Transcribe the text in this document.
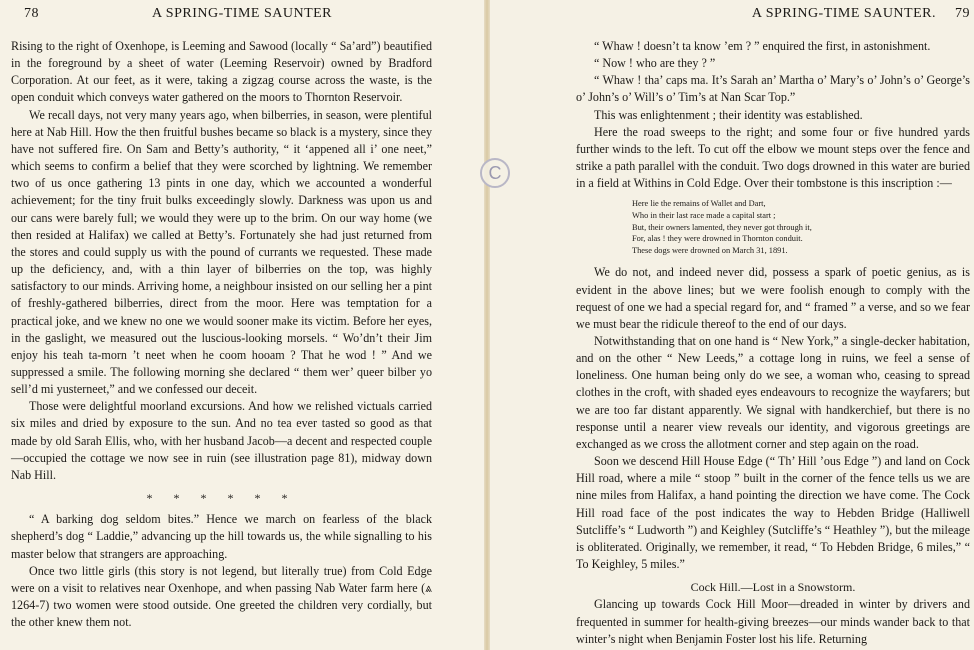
78	A SPRING-TIME SAUNTER

Rising to the right of Oxenhope, is Leeming and Sawood (locally “ Sa’ard”) beautified in the foreground by a sheet of water (Leeming Reservoir) owned by Bradford Corporation. At our feet, as it were, taking a zigzag course across the waste, is the open conduit which conveys water gathered on the moors to Thornton Reservoir.

We recall days, not very many years ago, when bilberries, in season, were plentiful here at Nab Hill. How the then fruitful bushes became so black is a mystery, since they have not suffered fire. On Sam and Betty’s authority, “ it ‘appened all i’ one neet,” which seems to confirm a belief that they were scorched by lightning. We remember two of us once gathering 13 pints in one day, which we accounted a wonderful achievement; for the tiny fruit bulks exceedingly slowly. Darkness was upon us and our cans were barely full; we would they were up to the brim. On our way home (we then resided at Halifax) we called at Betty’s. Fortunately she had just returned from the stores and could supply us with the pound of currants we requested. These made up the deficiency, and, with a thin layer of bilberries on the top, was highly satisfactory to our minds. Arriving home, a neighbour insisted on our selling her a pint of freshly-gathered bilberries, direct from the moor. Here was temptation for a practical joke, and we knew no one we would sooner make its victim. Before her eyes, in the gaslight, we measured out the luscious-looking morsels. “ Wo’dn’t their Jim enjoy his teah ta-morn ’t neet when he coom hooam ? That he wod ! ” And we suppressed a smile. The following morning she declared “ them wer’ queer bilber yo sell’d mi yusterneet,” and we confessed our deceit.

Those were delightful moorland excursions. And how we relished victuals carried six miles and dried by exposure to the sun. And no tea ever tasted so good as that made by old Sarah Ellis, who, with her husband Jacob—a decent and respected couple—occupied the cottage we now see in ruin (see illustration page 81), midway down Nab Hill.

* * * * * *

“ A barking dog seldom bites.” Hence we march on fearless of the black shepherd’s dog “ Laddie,” advancing up the hill towards us, the while signalling to his master below that strangers are approaching.

Once two little girls (this story is not legend, but literally true) from Cold Edge were on a visit to relatives near Oxenhope, and when passing Nab Water farm here (⩓ 1264-7) two women were stood outside. One greeted the children very cordially, but the other knew them not.

A SPRING-TIME SAUNTER. 79

“ Whaw ! doesn’t ta know ’em ? ” enquired the first, in astonishment.

“ Now ! who are they ? ”

“ Whaw ! tha’ caps ma. It’s Sarah an’ Martha o’ Mary’s o’ John’s o’ George’s o’ John’s o’ Will’s o’ Tim’s at Nan Scar Top.”

This was enlightenment ; their identity was established.

Here the road sweeps to the right; and some four or five hundred yards further winds to the left. To cut off the elbow we mount steps over the fence and strike a path parallel with the conduit. Two dogs drowned in this water are buried in a field at Withins in Cold Edge. Over their tombstone is this inscription :—

Here lie the remains of Wallet and Dart,
Who in their last race made a capital start ;
But, their owners lamented, they never got through it,
For, alas ! they were drowned in Thornton conduit.
These dogs were drowned on March 31, 1891.

We do not, and indeed never did, possess a spark of poetic genius, as is evident in the above lines; but we were foolish enough to comply with the request of one we had a special regard for, and “ framed ” a verse, and so we fear we must bear the ridicule thereof to the end of our days.

Notwithstanding that on one hand is “ New York,” a single-decker habitation, and on the other “ New Leeds,” a cottage long in ruins, we feel a sense of loneliness. One human being only do we see, a woman who, ceasing to spread clothes in the croft, with shaded eyes endeavours to recognize the wayfarers; but we are too far distant apparently. We signal with handkerchief, but there is no response until a nearer view reveals our identity, and vigorous greetings are exchanged as we cross the allotment corner and step again on the road.

Soon we descend Hill House Edge (“ Th’ Hill ’ous Edge ”) and land on Cock Hill road, where a mile “ stoop ” built in the corner of the fence tells us we are nine miles from Halifax, a hand pointing the direction we have come. The Cock Hill road face of the post indicates the way to Hebden Bridge (Halliwell Sutcliffe’s “ Ludworth ”) and Keighley (Sutcliffe’s “ Heathley ”), but the mileage is obliterated. Originally, we remember, it read, “ To Hebden Bridge, 6 miles,” “ To Keighley, 5 miles.”

Cock Hill.—Lost in a Snowstorm.

Glancing up towards Cock Hill Moor—dreaded in winter by drivers and frequented in summer for health-giving breezes—our minds wander back to that winter’s night when Benjamin Foster lost his life. Returning

C
